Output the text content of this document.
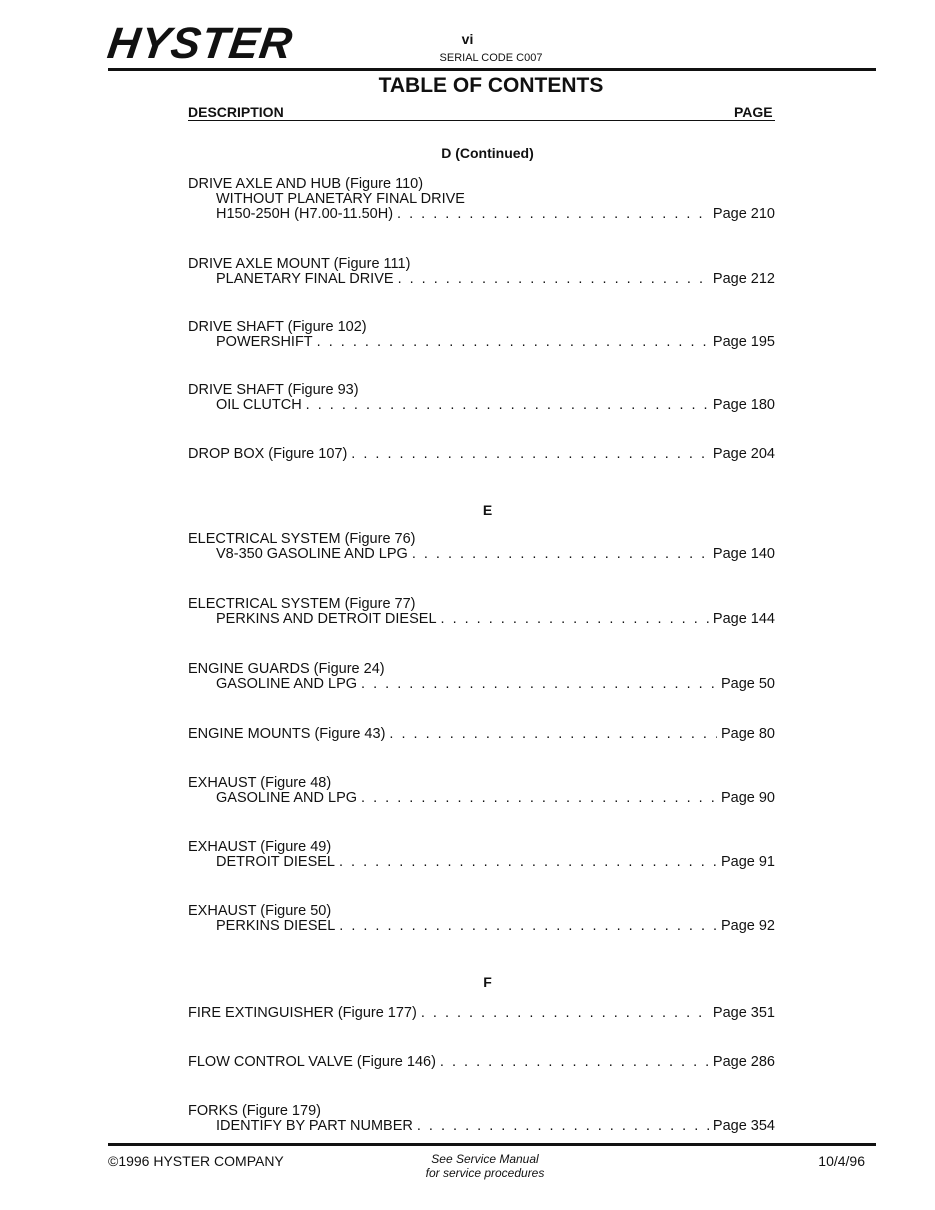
HYSTER	vi
SERIAL CODE C007
TABLE OF CONTENTS
DESCRIPTION	PAGE
D (Continued)
DRIVE AXLE AND HUB (Figure 110)
WITHOUT PLANETARY FINAL DRIVE
H150-250H (H7.00-11.50H) . . .	Page 210
DRIVE AXLE MOUNT (Figure 111)
PLANETARY FINAL DRIVE . . .	Page 212
DRIVE SHAFT (Figure 102)
POWERSHIFT . . .	Page 195
DRIVE SHAFT (Figure 93)
OIL CLUTCH . . .	Page 180
DROP BOX (Figure 107) . . .	Page 204
E
ELECTRICAL SYSTEM (Figure 76)
V8-350 GASOLINE AND LPG . . .	Page 140
ELECTRICAL SYSTEM (Figure 77)
PERKINS AND DETROIT DIESEL . . .	Page 144
ENGINE GUARDS (Figure 24)
GASOLINE AND LPG . . .	Page 50
ENGINE MOUNTS (Figure 43) . . .	Page 80
EXHAUST (Figure 48)
GASOLINE AND LPG . . .	Page 90
EXHAUST (Figure 49)
DETROIT DIESEL . . .	Page 91
EXHAUST (Figure 50)
PERKINS DIESEL . . .	Page 92
F
FIRE EXTINGUISHER (Figure 177) . . .	Page 351
FLOW CONTROL VALVE (Figure 146) . . .	Page 286
FORKS (Figure 179)
IDENTIFY BY PART NUMBER . . .	Page 354
©1996 HYSTER COMPANY	See Service Manual
for service procedures
10/4/96
